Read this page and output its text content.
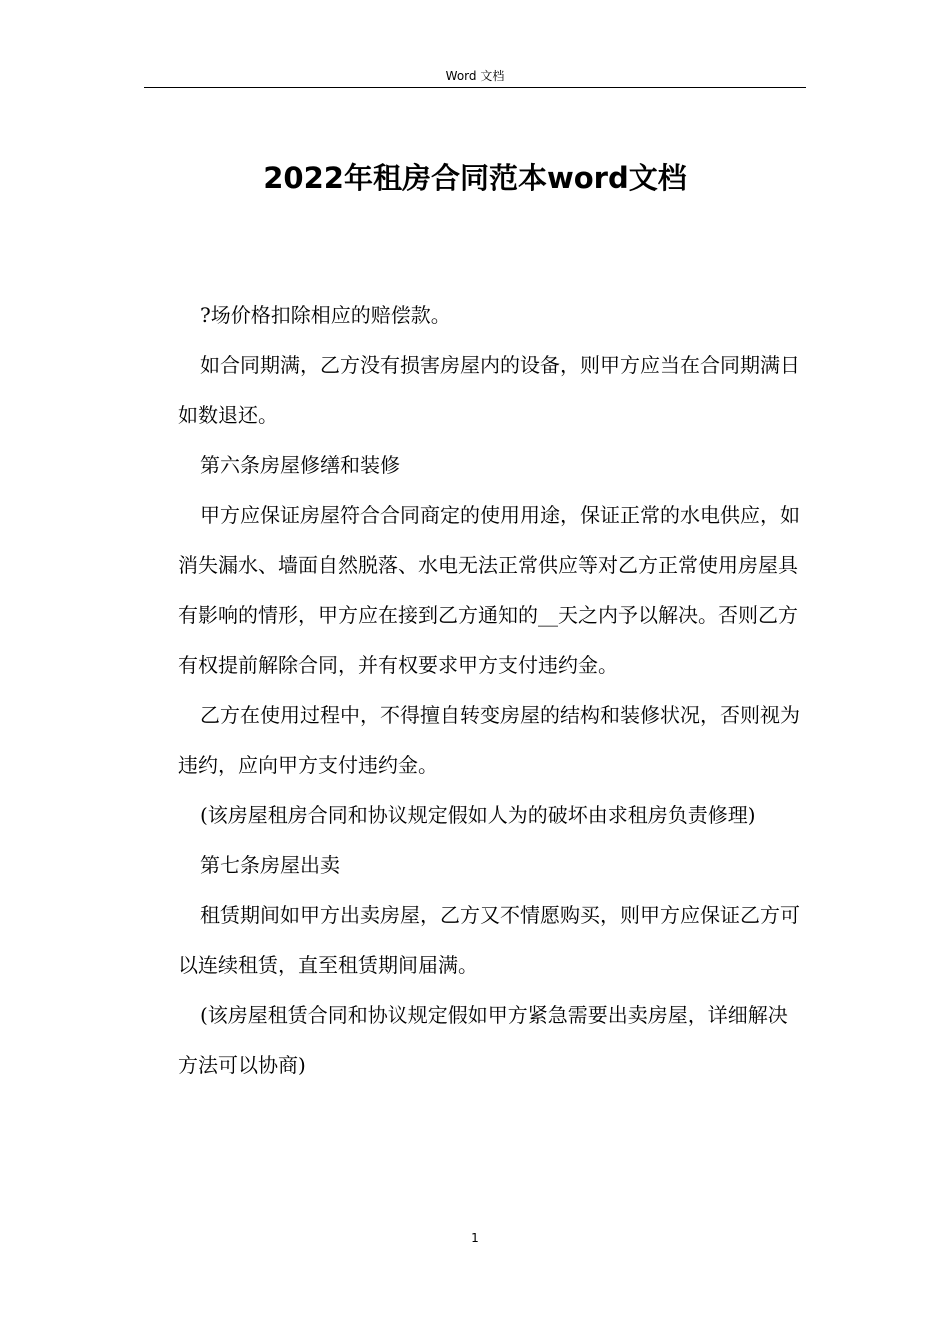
Word 文档
2022年租房合同范本word文档

?场价格扣除相应的赔偿款。

如合同期满，乙方没有损害房屋内的设备，则甲方应当在合同期满日如数退还。

第六条房屋修缮和装修

甲方应保证房屋符合合同商定的使用用途，保证正常的水电供应，如消失漏水、墙面自然脱落、水电无法正常供应等对乙方正常使用房屋具有影响的情形，甲方应在接到乙方通知的__天之内予以解决。否则乙方有权提前解除合同，并有权要求甲方支付违约金。

乙方在使用过程中，不得擅自转变房屋的结构和装修状况，否则视为违约，应向甲方支付违约金。

(该房屋租房合同和协议规定假如人为的破坏由求租房负责修理)

第七条房屋出卖

租赁期间如甲方出卖房屋，乙方又不情愿购买，则甲方应保证乙方可以连续租赁，直至租赁期间届满。

(该房屋租赁合同和协议规定假如甲方紧急需要出卖房屋，详细解决方法可以协商)

1
